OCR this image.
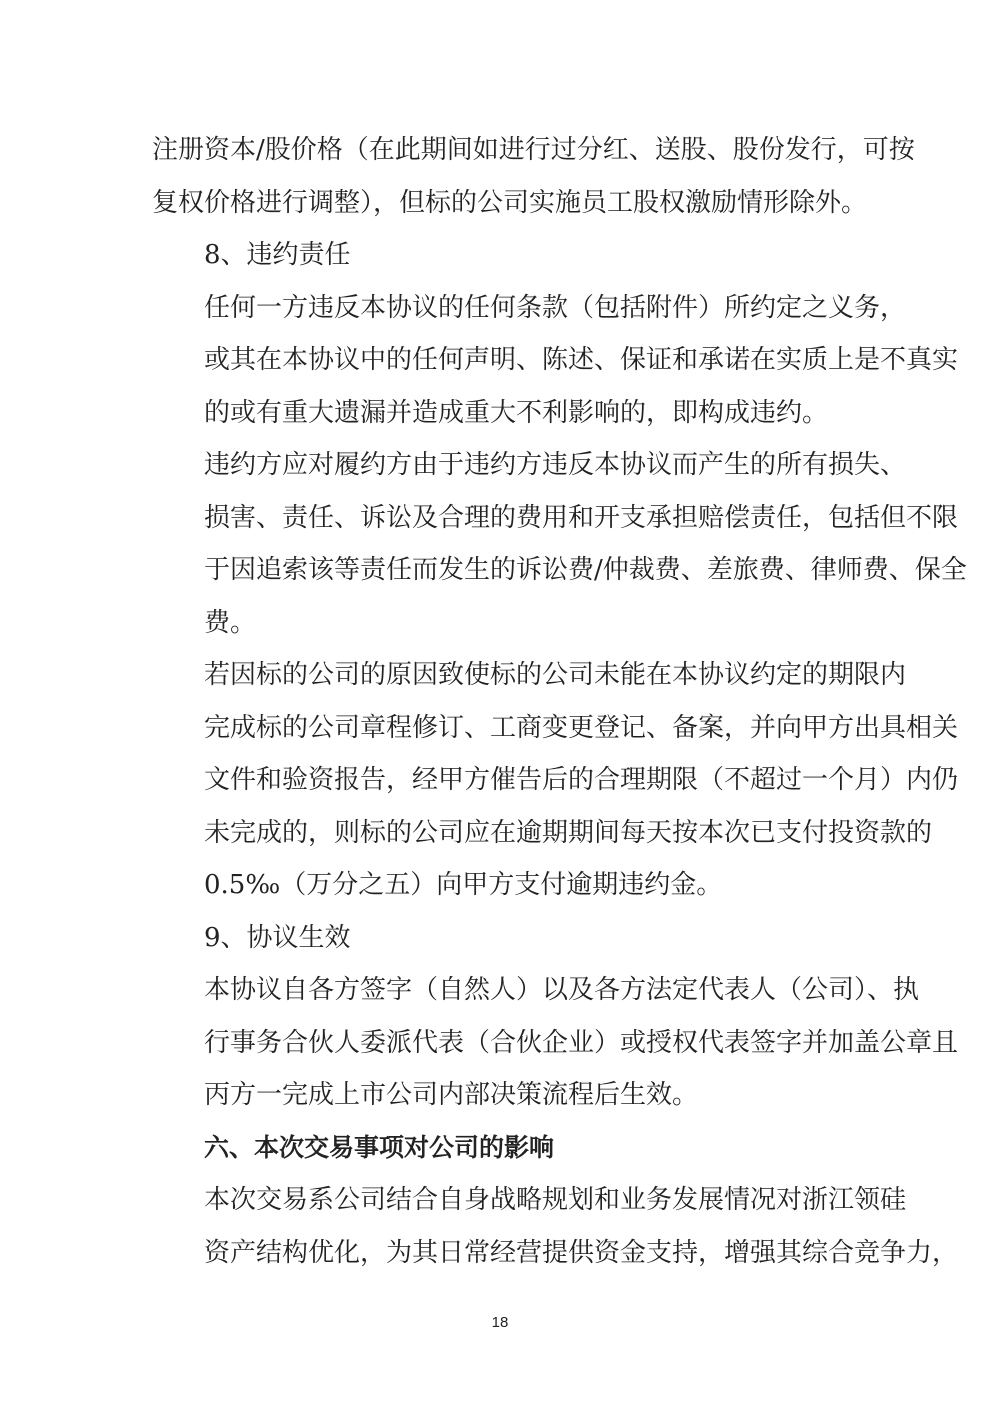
注册资本/股价格（在此期间如进行过分红、送股、股份发行，可按
复权价格进行调整），但标的公司实施员工股权激励情形除外。

8、违约责任

任何一方违反本协议的任何条款（包括附件）所约定之义务，
或其在本协议中的任何声明、陈述、保证和承诺在实质上是不真实
的或有重大遗漏并造成重大不利影响的，即构成违约。

违约方应对履约方由于违约方违反本协议而产生的所有损失、
损害、责任、诉讼及合理的费用和开支承担赔偿责任，包括但不限
于因追索该等责任而发生的诉讼费/仲裁费、差旅费、律师费、保全
费。

若因标的公司的原因致使标的公司未能在本协议约定的期限内
完成标的公司章程修订、工商变更登记、备案，并向甲方出具相关
文件和验资报告，经甲方催告后的合理期限（不超过一个月）内仍
未完成的，则标的公司应在逾期期间每天按本次已支付投资款的
0.5‰（万分之五）向甲方支付逾期违约金。

9、协议生效

本协议自各方签字（自然人）以及各方法定代表人（公司）、执
行事务合伙人委派代表（合伙企业）或授权代表签字并加盖公章且
丙方一完成上市公司内部决策流程后生效。

六、本次交易事项对公司的影响

本次交易系公司结合自身战略规划和业务发展情况对浙江领硅
资产结构优化，为其日常经营提供资金支持，增强其综合竞争力，

18
